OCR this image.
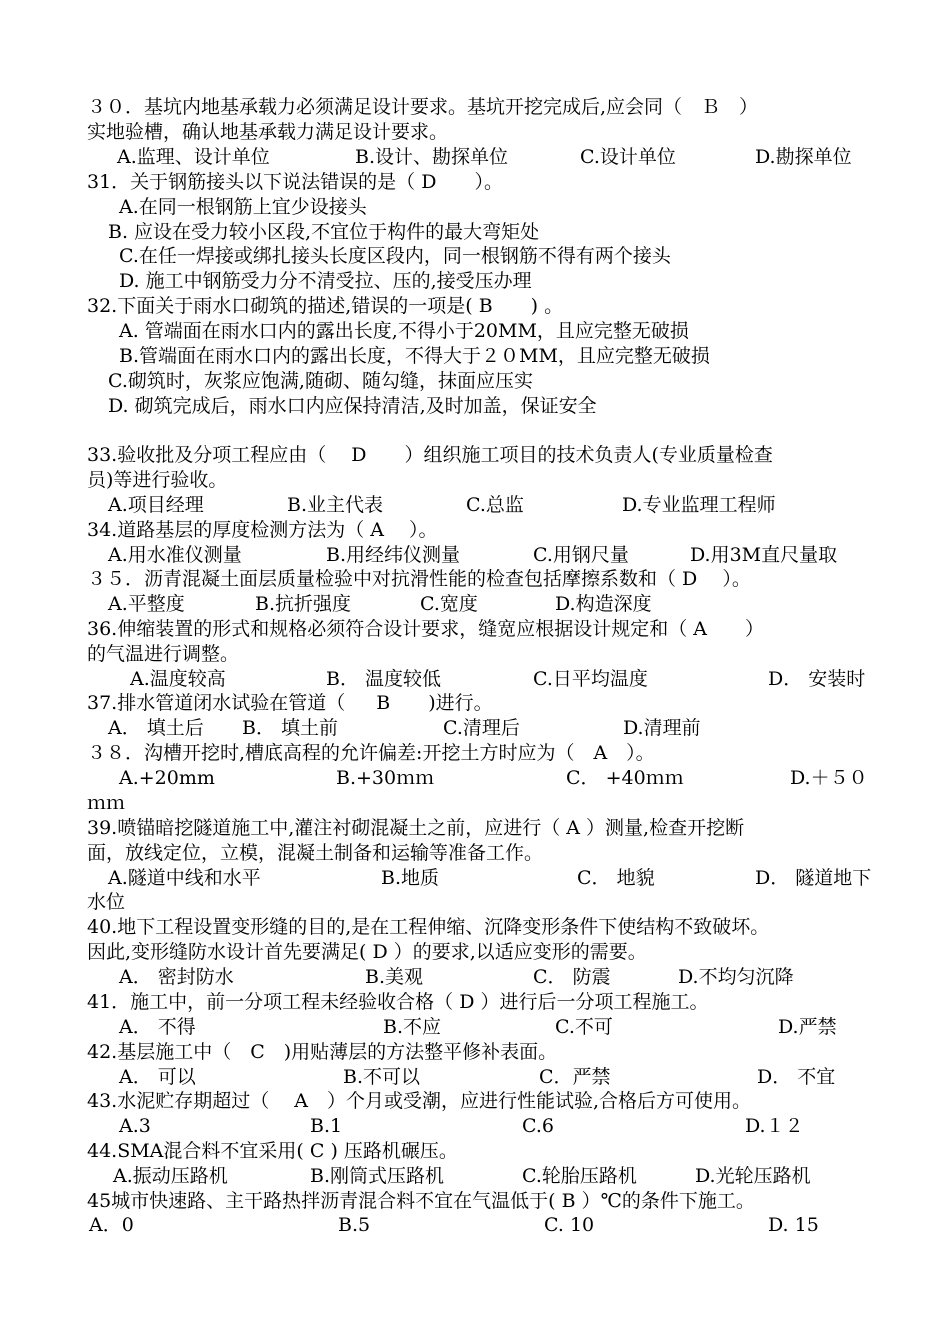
３０．基坑内地基承载力必须满足设计要求。基坑开挖完成后,应会同（　Ｂ　）
实地验槽，确认地基承载力满足设计要求。
A.监理、设计单位	B.设计、勘探单位	C.设计单位	D.勘探单位
31．关于钢筋接头以下说法错误的是（ D　　）。
A.在同一根钢筋上宜少设接头
B. 应设在受力较小区段,不宜位于构件的最大弯矩处
C.在任一焊接或绑扎接头长度区段内，同一根钢筋不得有两个接头
D. 施工中钢筋受力分不清受拉、压的,接受压办理
32.下面关于雨水口砌筑的描述,错误的一项是( B　　) 。
A. 管端面在雨水口内的露出长度,不得小于20MM，且应完整无破损
B.管端面在雨水口内的露出长度，不得大于２０MM，且应完整无破损
C.砌筑时，灰浆应饱满,随砌、随勾缝，抹面应压实
D. 砌筑完成后，雨水口内应保持清洁,及时加盖，保证安全
33.验收批及分项工程应由（　 D　　）组织施工项目的技术负责人(专业质量检查
员)等进行验收。
A.项目经理	B.业主代表	C.总监	D.专业监理工程师
34.道路基层的厚度检测方法为（ A　 ）。
A.用水准仪测量	B.用经纬仪测量	C.用钢尺量	D.用3M直尺量取
３５．沥青混凝土面层质量检验中对抗滑性能的检查包括摩擦系数和（ D　 ）。
A.平整度	B.抗折强度	C.宽度	D.构造深度
36.伸缩装置的形式和规格必须符合设计要求，缝宽应根据设计规定和（ A　　）
的气温进行调整。
A.温度较高	B． 温度较低	C.日平均温度	D． 安装时
37.排水管道闭水试验在管道（ 　 B　　)进行。
A． 填土后 B． 填土前	C.清理后	D.清理前
３８．沟槽开挖时,槽底高程的允许偏差:开挖土方时应为（　A　）。
A.+20mm	B.+30ｍｍ	C． +40ｍｍ	D.＋５０
ｍｍ
39.喷锚暗挖隧道施工中,灌注衬砌混凝土之前，应进行（ A ）测量,检查开挖断
面，放线定位，立模，混凝土制备和运输等准备工作。
A.隧道中线和水平	B.地质	C． 地貌	D． 隧道地下
水位
40.地下工程设置变形缝的目的,是在工程伸缩、沉降变形条件下使结构不致破坏。
因此,变形缝防水设计首先要满足( D ）的要求,以适应变形的需要。
A． 密封防水	B.美观	C． 防震	D.不均匀沉降
41．施工中，前一分项工程未经验收合格（ D ）进行后一分项工程施工。
A． 不得	B.不应	C.不可	D.严禁
42.基层施工中（　C　)用贴薄层的方法整平修补表面。
A． 可以	B.不可以	C．严禁	D． 不宜
43.水泥贮存期超过（　 A　）个月或受潮，应进行性能试验,合格后方可使用。
A.3	B.1	C.6	D.１２
44.SMA混合料不宜采用( C ) 压路机碾压。
A.振动压路机	B.刚筒式压路机	C.轮胎压路机	D.光轮压路机
45城市快速路、主干路热拌沥青混合料不宜在气温低于( B ）℃的条件下施工。
A．0	B.5	C. 10	D. 15
